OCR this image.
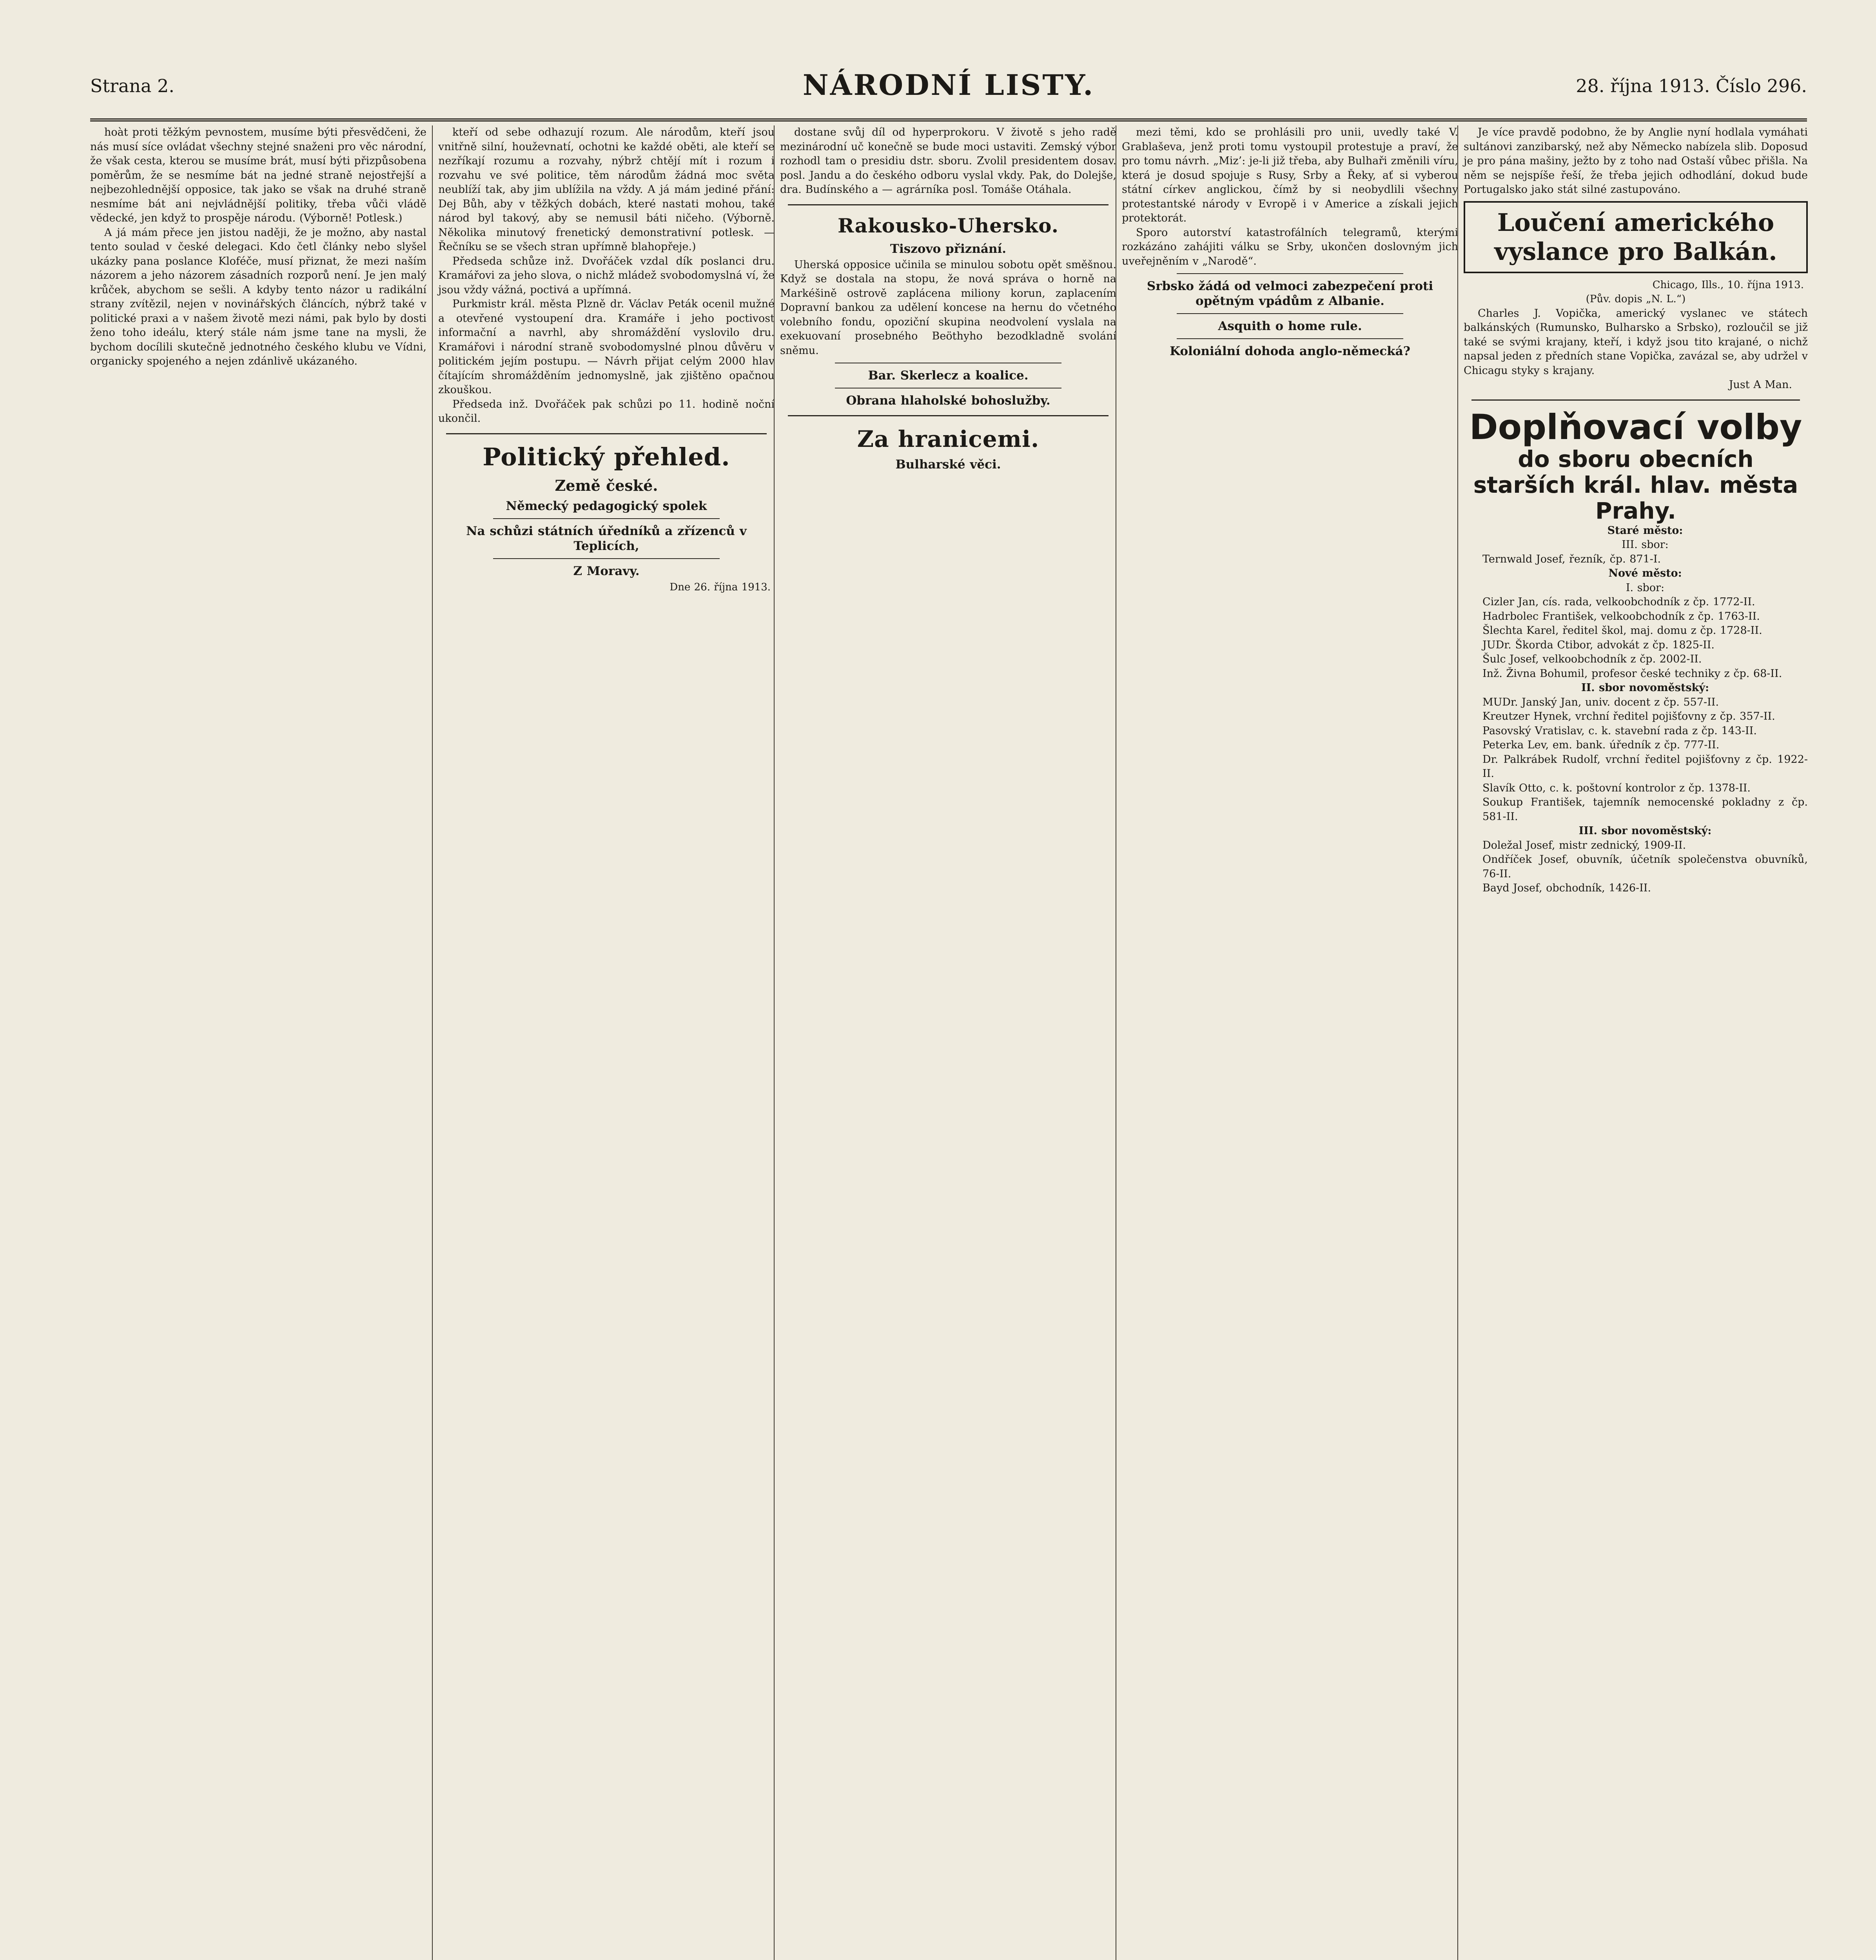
Strana 2.	NÁRODNÍ LISTY.	28. října 1913. Číslo 296.

hoàt proti těžkým pevnostem, musíme býti přesvědčeni, že nás musí síce ovládat všechny stejné snaženi pro věc národní, že však cesta, kterou se musíme brát, musí býti přizpůsobena poměrům, že se nesmíme bát na jedné straně nejostřejší a nejbezohlednější opposice, tak jako se však na druhé straně nesmíme bát ani nejvládnější politiky, třeba vůči vládě vědecké, jen když to prospěje národu. (Výborně! Potlesk.)

A já mám přece jen jistou naději, že je možno, aby nastal tento soulad v české delegaci. Kdo četl články nebo slyšel ukázky pana poslance Kloféče, musí přiznat, že mezi naším názorem a jeho názorem zásadních rozporů není. Je jen malý krůček, abychom se sešli. A kdyby tento názor u radikální strany zvítězil, nejen v novinářských článcích, nýbrž také v politické praxi a v našem životě mezi námi, pak bylo by dosti ženo toho ideálu, který stále nám jsme tane na mysli, že bychom docílili skutečně jednotného českého klubu ve Vídni, organicky spojeného a nejen zdánlivě ukázaného.

kteří od sebe odhazují rozum. Ale národům, kteří jsou vnitřně silní, houževnatí, ochotni ke každé oběti, ale kteří se nezříkají rozumu a rozvahy, nýbrž chtějí mít i rozum i rozvahu ve své politice, těm národům žádná moc světa neublíží tak, aby jim ublížila na vždy. A já mám jediné přání: Dej Bůh, aby v těžkých dobách, které nastati mohou, také národ byl takový, aby se nemusil báti ničeho. (Výborně. Několika minutový frenetický demonstrativní potlesk. — Řečníku se se všech stran upřímně blahopřeje.)

Předseda schůze inž. Dvořáček vzdal dík poslanci dru. Kramářovi za jeho slova, o nichž mládež svobodomyslná ví, že jsou vždy vážná, poctivá a upřímná.

Purkmistr král. města Plzně dr. Václav Peták ocenil mužné a otevřené vystoupení dra. Kramáře i jeho poctivost informační a navrhl, aby shromáždění vyslovilo dru. Kramářovi i národní straně svobodomyslné plnou důvěru v politickém jejím postupu. — Návrh přijat celým 2000 hlav čítajícím shromážděním jednomyslně, jak zjištěno opačnou zkouškou.

Předseda inž. Dvořáček pak schůzi po 11. hodině noční ukončil.

Politický přehled.
Země české.
Německý pedagogický spolek
Na schůzi státních úředníků a zřízenců v Teplicích,
Z Moravy.
Dne 26. října 1913.

dostane svůj díl od hyperprokoru. V životě s jeho radě mezinárodní uč konečně se bude moci ustaviti. Zemský výbor rozhodl tam o presidiu dstr. sboru. Zvolil presidentem dosav. posl. Jandu a do českého odboru vyslal vkdy. Pak, do Dolejše, dra. Budínského a — agrárníka posl. Tomáše Otáhala.

Rakousko-Uhersko.
Tiszovo přiznání.

Uherská opposice učinila se minulou sobotu opět směšnou. Když se dostala na stopu, že nová správa o horně na Markéšině ostrově zaplácena miliony korun, zaplacením Dopravní bankou za udělení koncese na hernu do včetného volebního fondu, opoziční skupina neodvolení vyslala na exekuovaní prosebného Beöthyho bezodkladně svolání sněmu.

Bar. Skerlecz a koalice.
Obrana hlaholské bohoslužby.
Za hranicemi.
Bulharské věci.

mezi těmi, kdo se prohlásili pro unii, uvedly také V. Grablaševa, jenž proti tomu vystoupil protestuje a praví, že pro tomu návrh. „Miz’: je-li již třeba, aby Bulhaři změnili víru, která je dosud spojuje s Rusy, Srby a Řeky, ať si vyberou státní církev anglickou, čímž by si neobydlili všechny protestantské národy v Evropě i v Americe a získali jejich protektorát.

Sporo autorství katastrofálních telegramů, kterými rozkázáno zahájiti válku se Srby, ukončen doslovným jich uveřejněním v „Narodě“.

Srbsko žádá od velmoci zabezpečení proti opětným vpádům z Albanie.
Asquith o home rule.
Koloniální dohoda anglo-německá?

Je více pravdě podobno, že by Anglie nyní hodlala vymáhati sultánovi zanzibarský, než aby Německo nabízela slib. Doposud je pro pána mašiny, ježto by z toho nad Ostaší vůbec přišla. Na něm se nejspíše řeší, že třeba jejich odhodlání, dokud bude Portugalsko jako stát silné zastupováno.

Loučení amerického vyslance pro Balkán.
Chicago, Ills., 10. října 1913.
(Pův. dopis „N. L.“)

Charles J. Vopička, americký vyslanec ve státech balkánských (Rumunsko, Bulharsko a Srbsko), rozloučil se již také se svými krajany, kteří, i když jsou tito krajané, o nichž napsal jeden z předních stane Vopička, zavázal se, aby udržel v Chicagu styky s krajany.

Just A Man.
Doplňovací volby
do sboru obecních starších král. hlav. města Prahy.

Staré město:

III. sbor:

Ternwald Josef, řezník, čp. 871-I.

Nové město:

I. sbor:

Cizler Jan, cís. rada, velkoobchodník z čp. 1772-II.

Hadrbolec František, velkoobchodník z čp. 1763-II.

Šlechta Karel, ředitel škol, maj. domu z čp. 1728-II.

JUDr. Škorda Ctibor, advokát z čp. 1825-II.

Šulc Josef, velkoobchodník z čp. 2002-II.

Inž. Živna Bohumil, profesor české techniky z čp. 68-II.

II. sbor novoměstský:

MUDr. Janský Jan, univ. docent z čp. 557-II.

Kreutzer Hynek, vrchní ředitel pojišťovny z čp. 357-II.

Pasovský Vratislav, c. k. stavební rada z čp. 143-II.

Peterka Lev, em. bank. úředník z čp. 777-II.

Dr. Palkrábek Rudolf, vrchní ředitel pojišťovny z čp. 1922-II.

Slavík Otto, c. k. poštovní kontrolor z čp. 1378-II.

Soukup František, tajemník nemocenské pokladny z čp. 581-II.

III. sbor novoměstský:

Doležal Josef, mistr zednický, 1909-II.

Ondříček Josef, obuvník, účetník společenstva obuvníků, 76-II.

Bayd Josef, obchodník, 1426-II.
